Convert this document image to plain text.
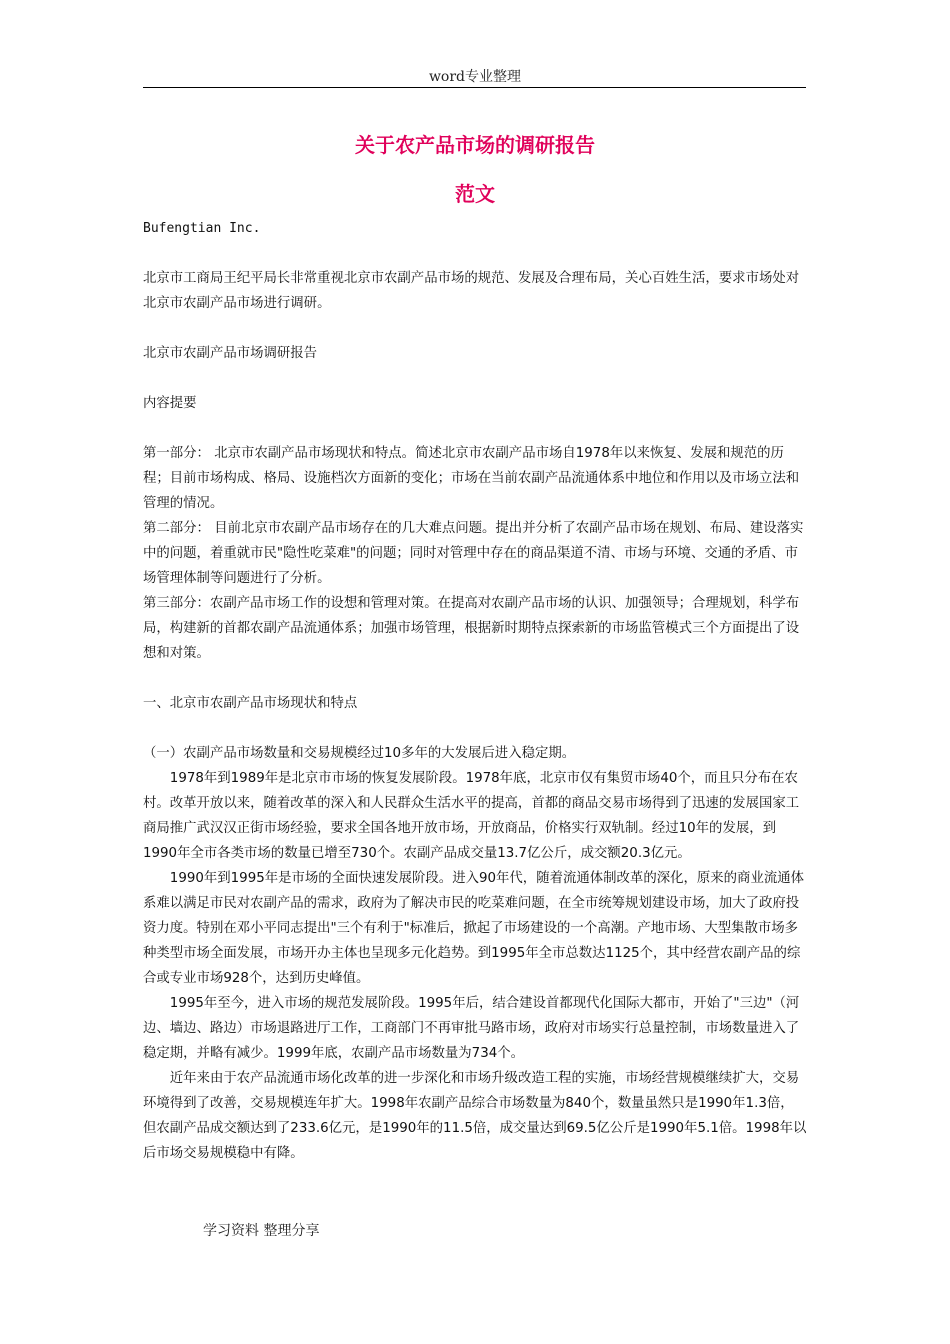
word专业整理
关于农产品市场的调研报告
范文

Bufengtian Inc.

北京市工商局王纪平局长非常重视北京市农副产品市场的规范、发展及合理布局，关心百姓生活，要求市场处对北京市农副产品市场进行调研。

北京市农副产品市场调研报告

内容提要

第一部分： 北京市农副产品市场现状和特点。简述北京市农副产品市场自1978年以来恢复、发展和规范的历程；目前市场构成、格局、设施档次方面新的变化；市场在当前农副产品流通体系中地位和作用以及市场立法和管理的情况。

第二部分： 目前北京市农副产品市场存在的几大难点问题。提出并分析了农副产品市场在规划、布局、建设落实中的问题，着重就市民"隐性吃菜难"的问题；同时对管理中存在的商品渠道不清、市场与环境、交通的矛盾、市场管理体制等问题进行了分析。

第三部分：农副产品市场工作的设想和管理对策。在提高对农副产品市场的认识、加强领导；合理规划，科学布局，构建新的首都农副产品流通体系；加强市场管理，根据新时期特点探索新的市场监管模式三个方面提出了设想和对策。

一、北京市农副产品市场现状和特点

（一）农副产品市场数量和交易规模经过10多年的大发展后进入稳定期。

1978年到1989年是北京市市场的恢复发展阶段。1978年底，北京市仅有集贸市场40个，而且只分布在农村。改革开放以来，随着改革的深入和人民群众生活水平的提高，首都的商品交易市场得到了迅速的发展国家工商局推广武汉汉正街市场经验，要求全国各地开放市场，开放商品，价格实行双轨制。经过10年的发展，到1990年全市各类市场的数量已增至730个。农副产品成交量13.7亿公斤，成交额20.3亿元。

1990年到1995年是市场的全面快速发展阶段。进入90年代，随着流通体制改革的深化，原来的商业流通体系难以满足市民对农副产品的需求，政府为了解决市民的吃菜难问题，在全市统筹规划建设市场，加大了政府投资力度。特别在邓小平同志提出"三个有利于"标准后，掀起了市场建设的一个高潮。产地市场、大型集散市场多种类型市场全面发展，市场开办主体也呈现多元化趋势。到1995年全市总数达1125个，其中经营农副产品的综合或专业市场928个，达到历史峰值。

1995年至今，进入市场的规范发展阶段。1995年后，结合建设首都现代化国际大都市，开始了"三边"（河边、墙边、路边）市场退路进厅工作，工商部门不再审批马路市场，政府对市场实行总量控制，市场数量进入了稳定期，并略有减少。1999年底，农副产品市场数量为734个。

近年来由于农产品流通市场化改革的进一步深化和市场升级改造工程的实施，市场经营规模继续扩大，交易环境得到了改善，交易规模连年扩大。1998年农副产品综合市场数量为840个，数量虽然只是1990年1.3倍，但农副产品成交额达到了233.6亿元，是1990年的11.5倍，成交量达到69.5亿公斤是1990年5.1倍。1998年以后市场交易规模稳中有降。

学习资料 整理分享
